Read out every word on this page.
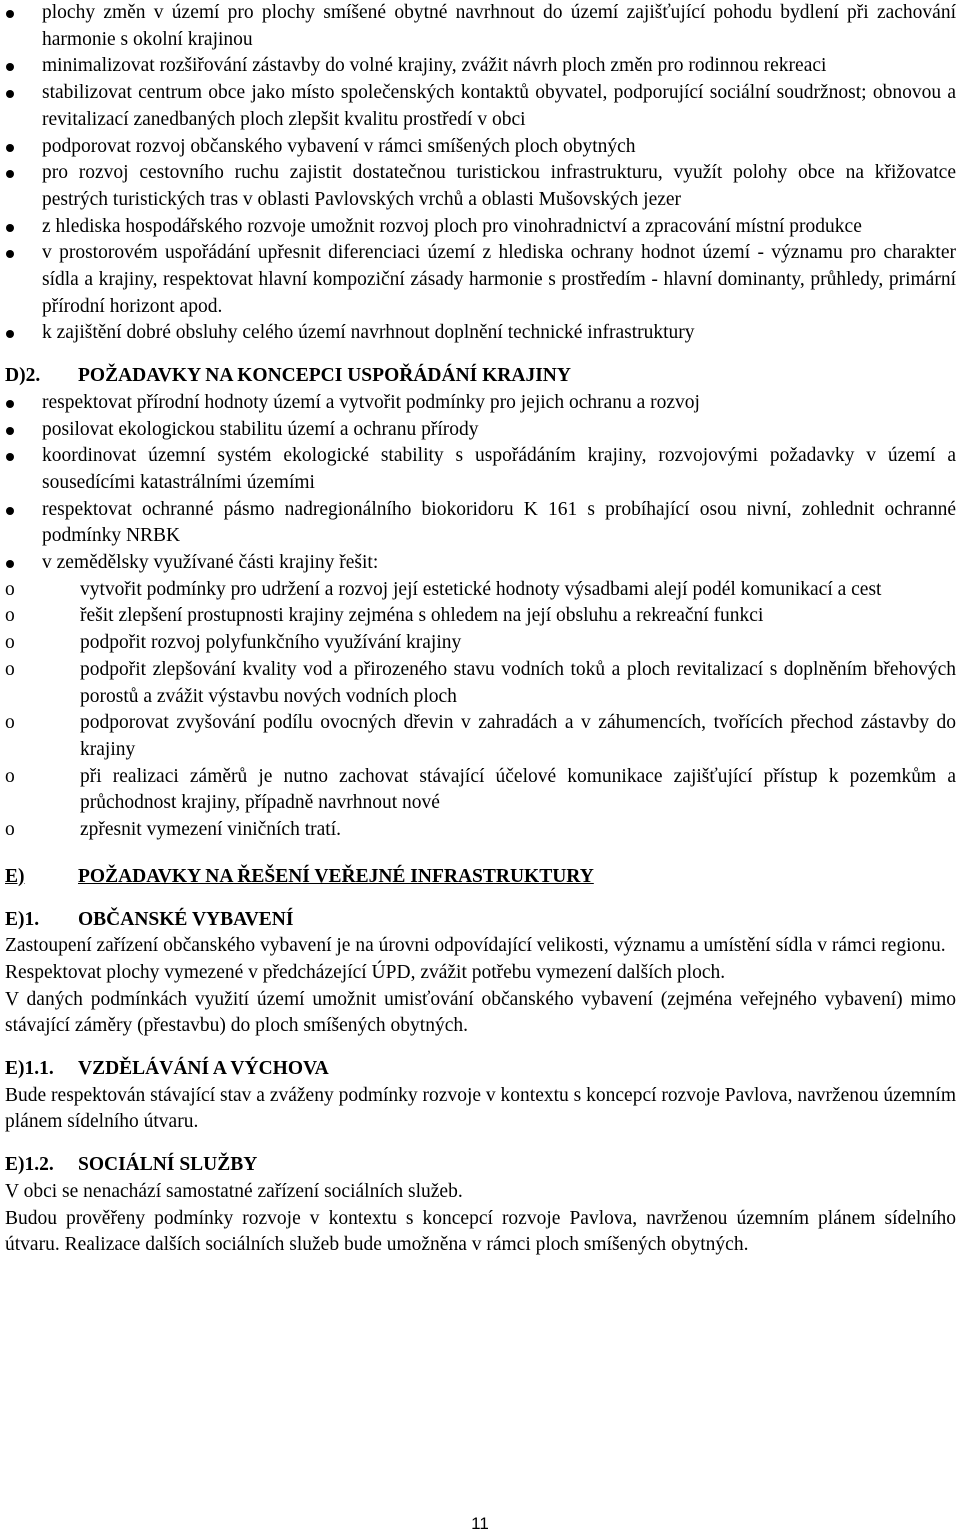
plochy změn v území pro plochy smíšené obytné navrhnout do území zajišťující pohodu bydlení při zachování harmonie s okolní krajinou
minimalizovat rozšiřování zástavby do volné krajiny, zvážit návrh ploch změn pro rodinnou rekreaci
stabilizovat centrum obce jako místo společenských kontaktů obyvatel, podporující sociální soudržnost; obnovou a revitalizací zanedbaných ploch zlepšit kvalitu prostředí v obci
podporovat rozvoj občanského vybavení v rámci smíšených ploch obytných
pro rozvoj cestovního ruchu zajistit dostatečnou turistickou infrastrukturu, využít polohy obce na křižovatce pestrých turistických tras v oblasti Pavlovských vrchů a oblasti Mušovských jezer
z hlediska hospodářského rozvoje umožnit rozvoj ploch pro vinohradnictví a zpracování místní produkce
v prostorovém uspořádání upřesnit diferenciaci území z hlediska ochrany hodnot území - významu pro charakter sídla a krajiny, respektovat hlavní kompoziční zásady harmonie s prostředím - hlavní dominanty, průhledy, primární přírodní horizont apod.
k zajištění dobré obsluhy celého území navrhnout doplnění technické infrastruktury
D)2.	POŽADAVKY NA KONCEPCI USPOŘÁDÁNÍ KRAJINY
respektovat přírodní hodnoty území a vytvořit podmínky pro jejich ochranu a rozvoj
posilovat ekologickou stabilitu území a ochranu přírody
koordinovat územní systém ekologické stability s uspořádáním krajiny, rozvojovými požadavky v území a sousedícími katastrálními územími
respektovat ochranné pásmo nadregionálního biokoridoru K 161 s probíhající osou nivní, zohlednit ochranné podmínky NRBK
v zemědělsky využívané části krajiny řešit:
o vytvořit podmínky pro udržení a rozvoj její estetické hodnoty výsadbami alejí podél komunikací a cest
o řešit zlepšení prostupnosti krajiny zejména s ohledem na její obsluhu a rekreační funkci
o podpořit rozvoj polyfunkčního využívání krajiny
o podpořit zlepšování kvality vod a přirozeného stavu vodních toků a ploch revitalizací s doplněním břehových porostů a zvážit výstavbu nových vodních ploch
o podporovat zvyšování podílu ovocných dřevin v zahradách a v záhumencích, tvořících přechod zástavby do krajiny
o při realizaci záměrů je nutno zachovat stávající účelové komunikace zajišťující přístup k pozemkům a průchodnost krajiny, případně navrhnout nové
o zpřesnit vymezení viničních tratí.
E)	POŽADAVKY NA ŘEŠENÍ VEŘEJNÉ INFRASTRUKTURY
E)1.	OBČANSKÉ VYBAVENÍ

Zastoupení zařízení občanského vybavení je na úrovni odpovídající velikosti, významu a umístění sídla v rámci regionu.

Respektovat plochy vymezené v předcházející ÚPD, zvážit potřebu vymezení dalších ploch.

V daných podmínkách využití území umožnit umisťování občanského vybavení (zejména veřejného vybavení) mimo stávající záměry (přestavbu) do ploch smíšených obytných.

E)1.1.	VZDĚLÁVÁNÍ A VÝCHOVA

Bude respektován stávající stav a zváženy podmínky rozvoje v kontextu s koncepcí rozvoje Pavlova, navrženou územním plánem sídelního útvaru.

E)1.2.	SOCIÁLNÍ SLUŽBY

V obci se nenachází samostatné zařízení sociálních služeb.

Budou prověřeny podmínky rozvoje v kontextu s koncepcí rozvoje Pavlova, navrženou územním plánem sídelního útvaru. Realizace dalších sociálních služeb bude umožněna v rámci ploch smíšených obytných.

11
